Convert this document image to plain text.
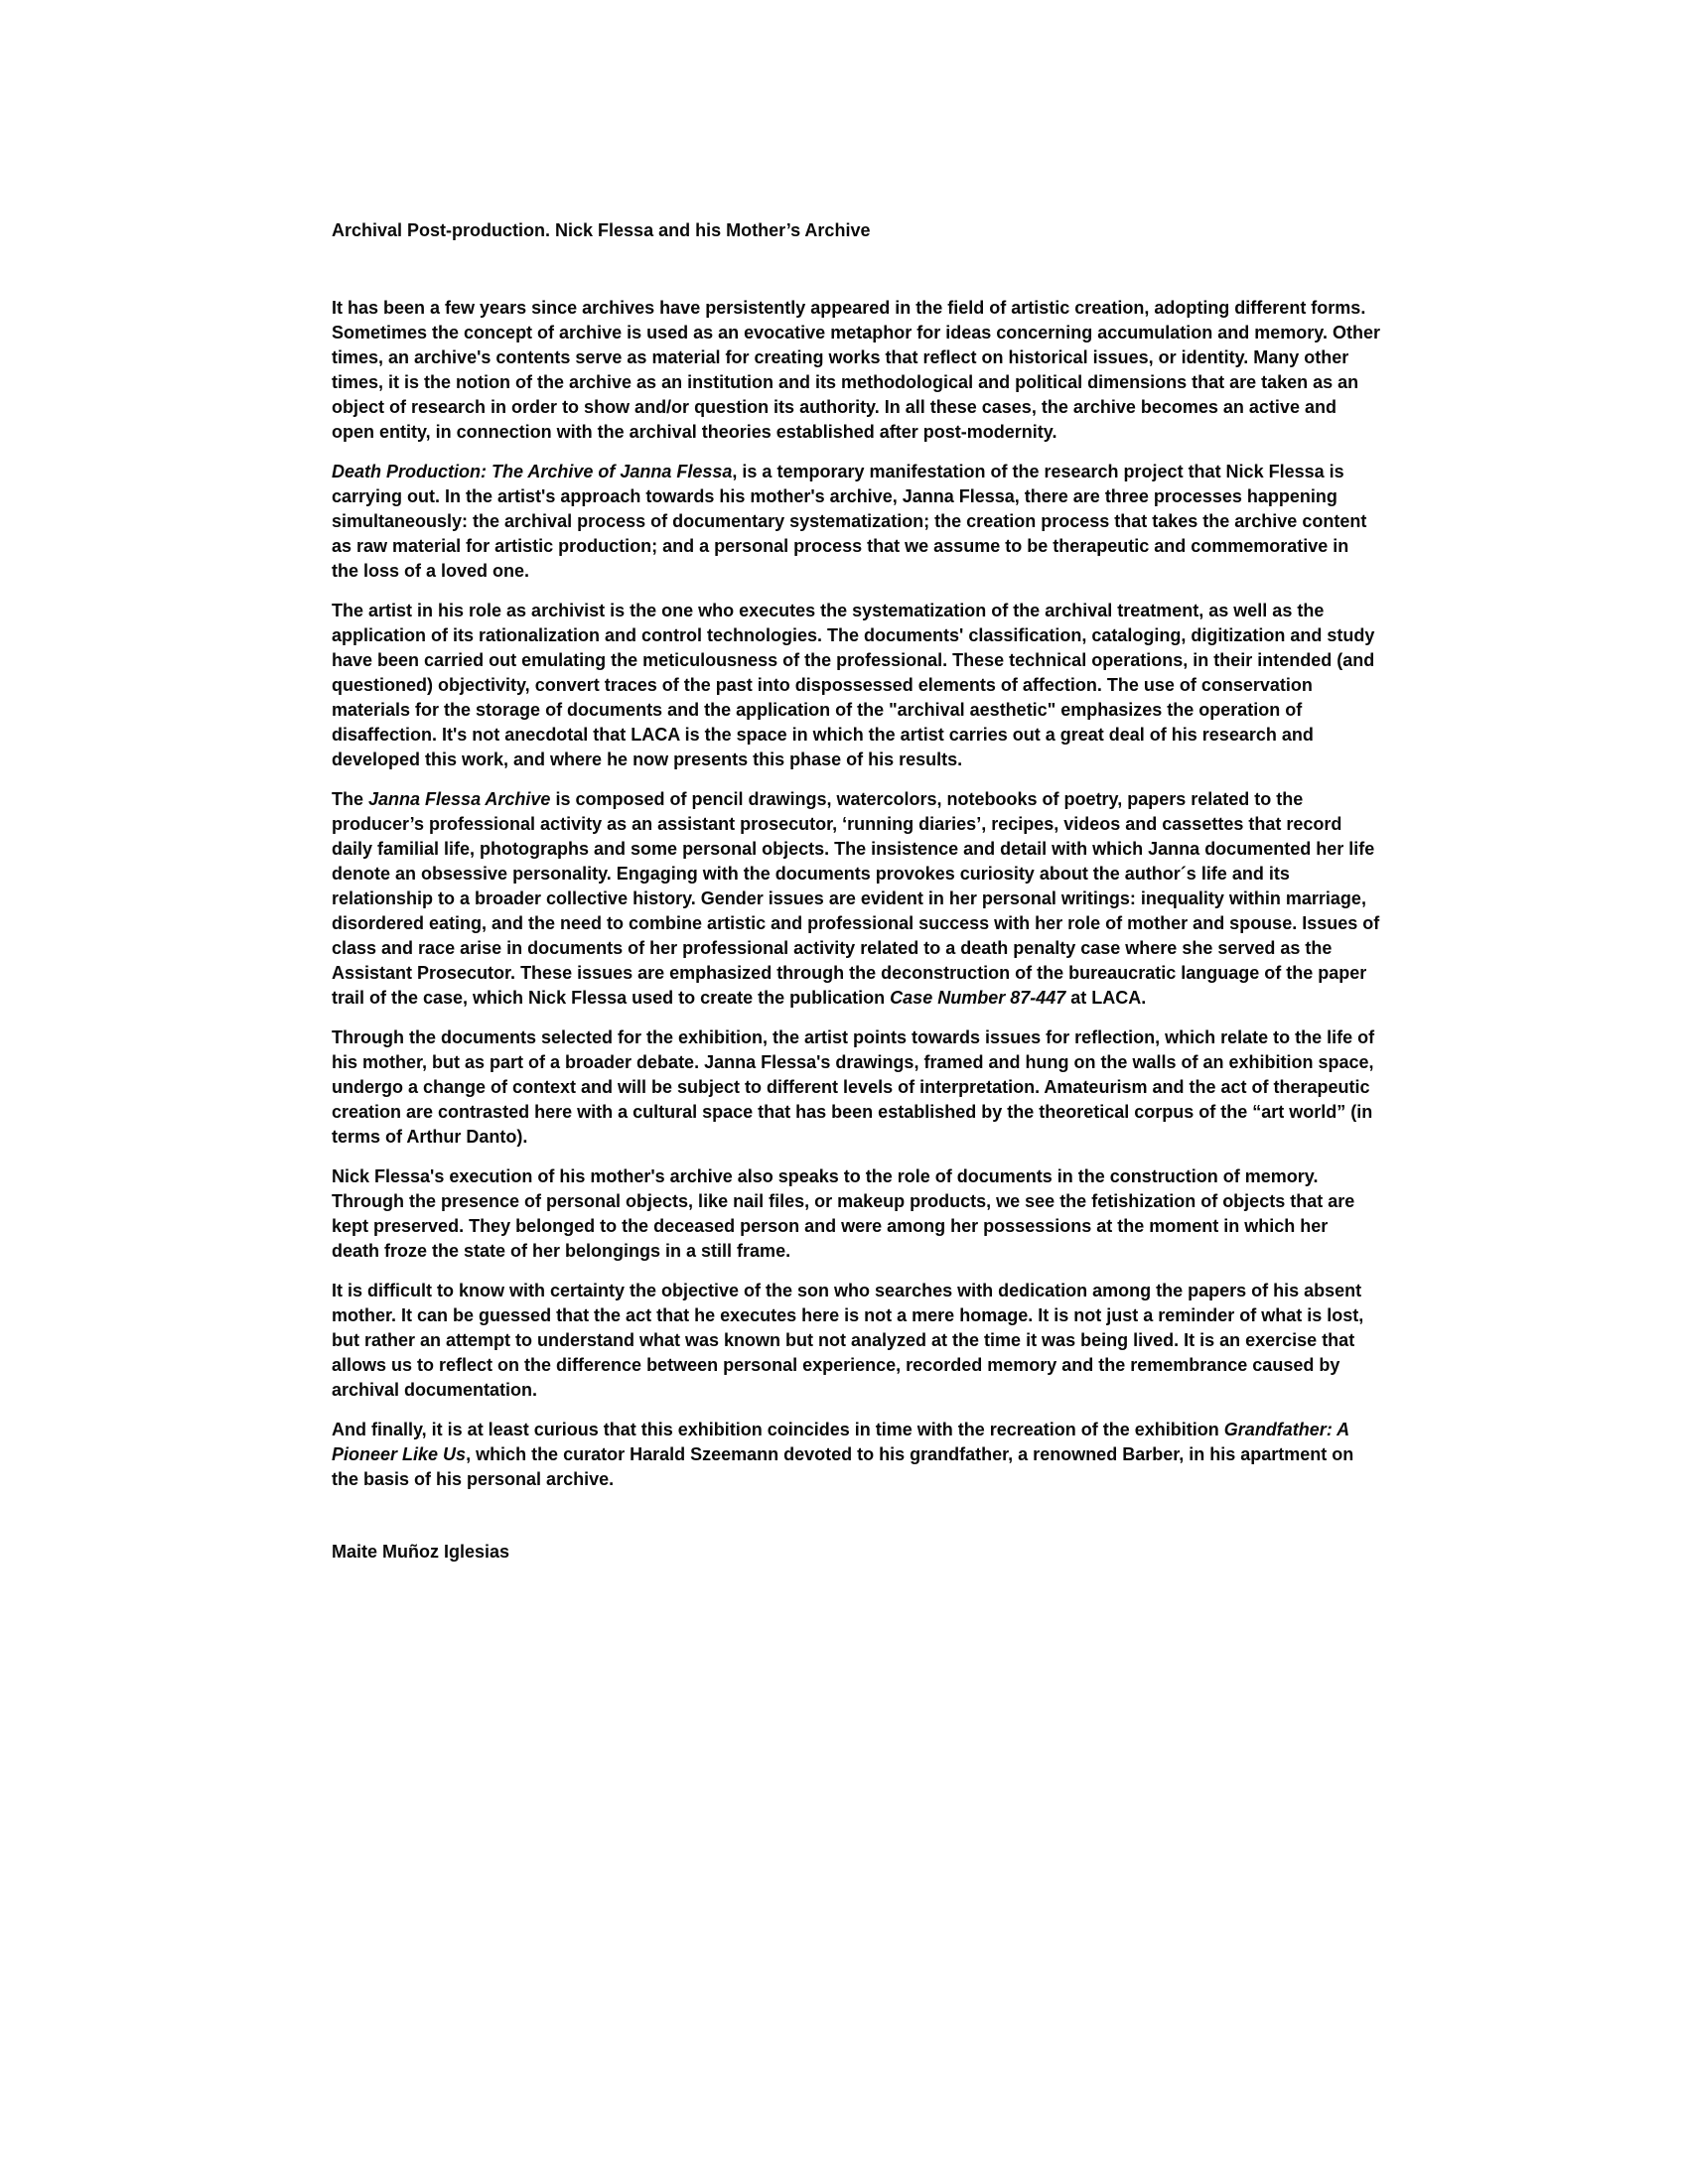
Archival Post-production. Nick Flessa and his Mother’s Archive

It has been a few years since archives have persistently appeared in the field of artistic creation, adopting different forms. Sometimes the concept of archive is used as an evocative metaphor for ideas concerning accumulation and memory. Other times, an archive's contents serve as material for creating works that reflect on historical issues, or identity. Many other times, it is the notion of the archive as an institution and its methodological and political dimensions that are taken as an object of research in order to show and/or question its authority. In all these cases, the archive becomes an active and open entity, in connection with the archival theories established after post-modernity.

Death Production: The Archive of Janna Flessa, is a temporary manifestation of the research project that Nick Flessa is carrying out. In the artist's approach towards his mother's archive, Janna Flessa, there are three processes happening simultaneously: the archival process of documentary systematization; the creation process that takes the archive content as raw material for artistic production; and a personal process that we assume to be therapeutic and commemorative in the loss of a loved one.

The artist in his role as archivist is the one who executes the systematization of the archival treatment, as well as the application of its rationalization and control technologies. The documents' classification, cataloging, digitization and study have been carried out emulating the meticulousness of the professional. These technical operations, in their intended (and questioned) objectivity, convert traces of the past into dispossessed elements of affection. The use of conservation materials for the storage of documents and the application of the "archival aesthetic" emphasizes the operation of disaffection. It's not anecdotal that LACA is the space in which the artist carries out a great deal of his research and developed this work, and where he now presents this phase of his results.

The Janna Flessa Archive is composed of pencil drawings, watercolors, notebooks of poetry, papers related to the producer’s professional activity as an assistant prosecutor, ‘running diaries’, recipes, videos and cassettes that record daily familial life, photographs and some personal objects. The insistence and detail with which Janna documented her life denote an obsessive personality. Engaging with the documents provokes curiosity about the author´s life and its relationship to a broader collective history. Gender issues are evident in her personal writings: inequality within marriage, disordered eating, and the need to combine artistic and professional success with her role of mother and spouse. Issues of class and race arise in documents of her professional activity related to a death penalty case where she served as the Assistant Prosecutor. These issues are emphasized through the deconstruction of the bureaucratic language of the paper trail of the case, which Nick Flessa used to create the publication Case Number 87-447 at LACA.

Through the documents selected for the exhibition, the artist points towards issues for reflection, which relate to the life of his mother, but as part of a broader debate. Janna Flessa's drawings, framed and hung on the walls of an exhibition space, undergo a change of context and will be subject to different levels of interpretation. Amateurism and the act of therapeutic creation are contrasted here with a cultural space that has been established by the theoretical corpus of the “art world” (in terms of Arthur Danto).

Nick Flessa's execution of his mother's archive also speaks to the role of documents in the construction of memory. Through the presence of personal objects, like nail files, or makeup products, we see the fetishization of objects that are kept preserved. They belonged to the deceased person and were among her possessions at the moment in which her death froze the state of her belongings in a still frame.

It is difficult to know with certainty the objective of the son who searches with dedication among the papers of his absent mother. It can be guessed that the act that he executes here is not a mere homage. It is not just a reminder of what is lost, but rather an attempt to understand what was known but not analyzed at the time it was being lived. It is an exercise that allows us to reflect on the difference between personal experience, recorded memory and the remembrance caused by archival documentation.

And finally, it is at least curious that this exhibition coincides in time with the recreation of the exhibition Grandfather: A Pioneer Like Us, which the curator Harald Szeemann devoted to his grandfather, a renowned Barber, in his apartment on the basis of his personal archive.

Maite Muñoz Iglesias
